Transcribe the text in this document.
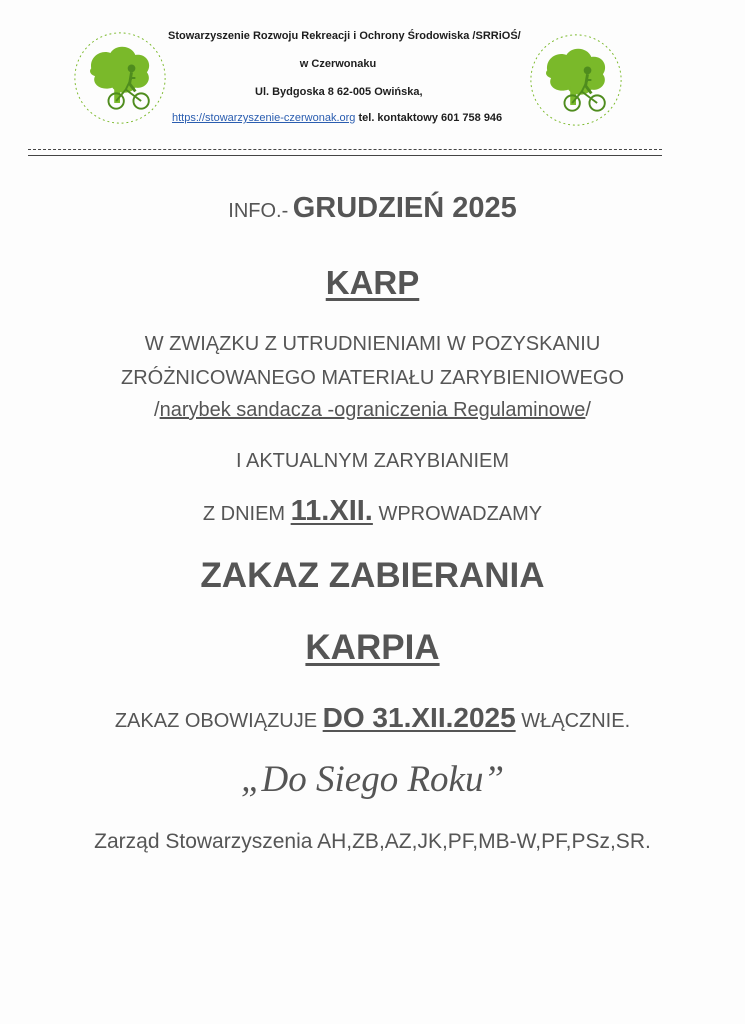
Stowarzyszenie Rozwoju Rekreacji i Ochrony Środowiska /SRRiOŚ/
w Czerwonaku
Ul. Bydgoska 8 62-005 Owińska,
https://stowarzyszenie-czerwonak.org tel. kontaktowy 601 758 946
INFO.- GRUDZIEŃ 2025
KARP
W ZWIĄZKU Z UTRUDNIENIAMI W POZYSKANIU
ZRÓŻNICOWANEGO MATERIAŁU ZARYBIENIOWEGO
/narybek sandacza -ograniczenia Regulaminowe/
I AKTUALNYM ZARYBIANIEM
Z DNIEM 11.XII. WPROWADZAMY
ZAKAZ ZABIERANIA
KARPIA
ZAKAZ OBOWIĄZUJE DO 31.XII.2025 WŁĄCZNIE.
„Do Siego Roku”
Zarząd Stowarzyszenia AH,ZB,AZ,JK,PF,MB-W,PF,PSz,SR.
